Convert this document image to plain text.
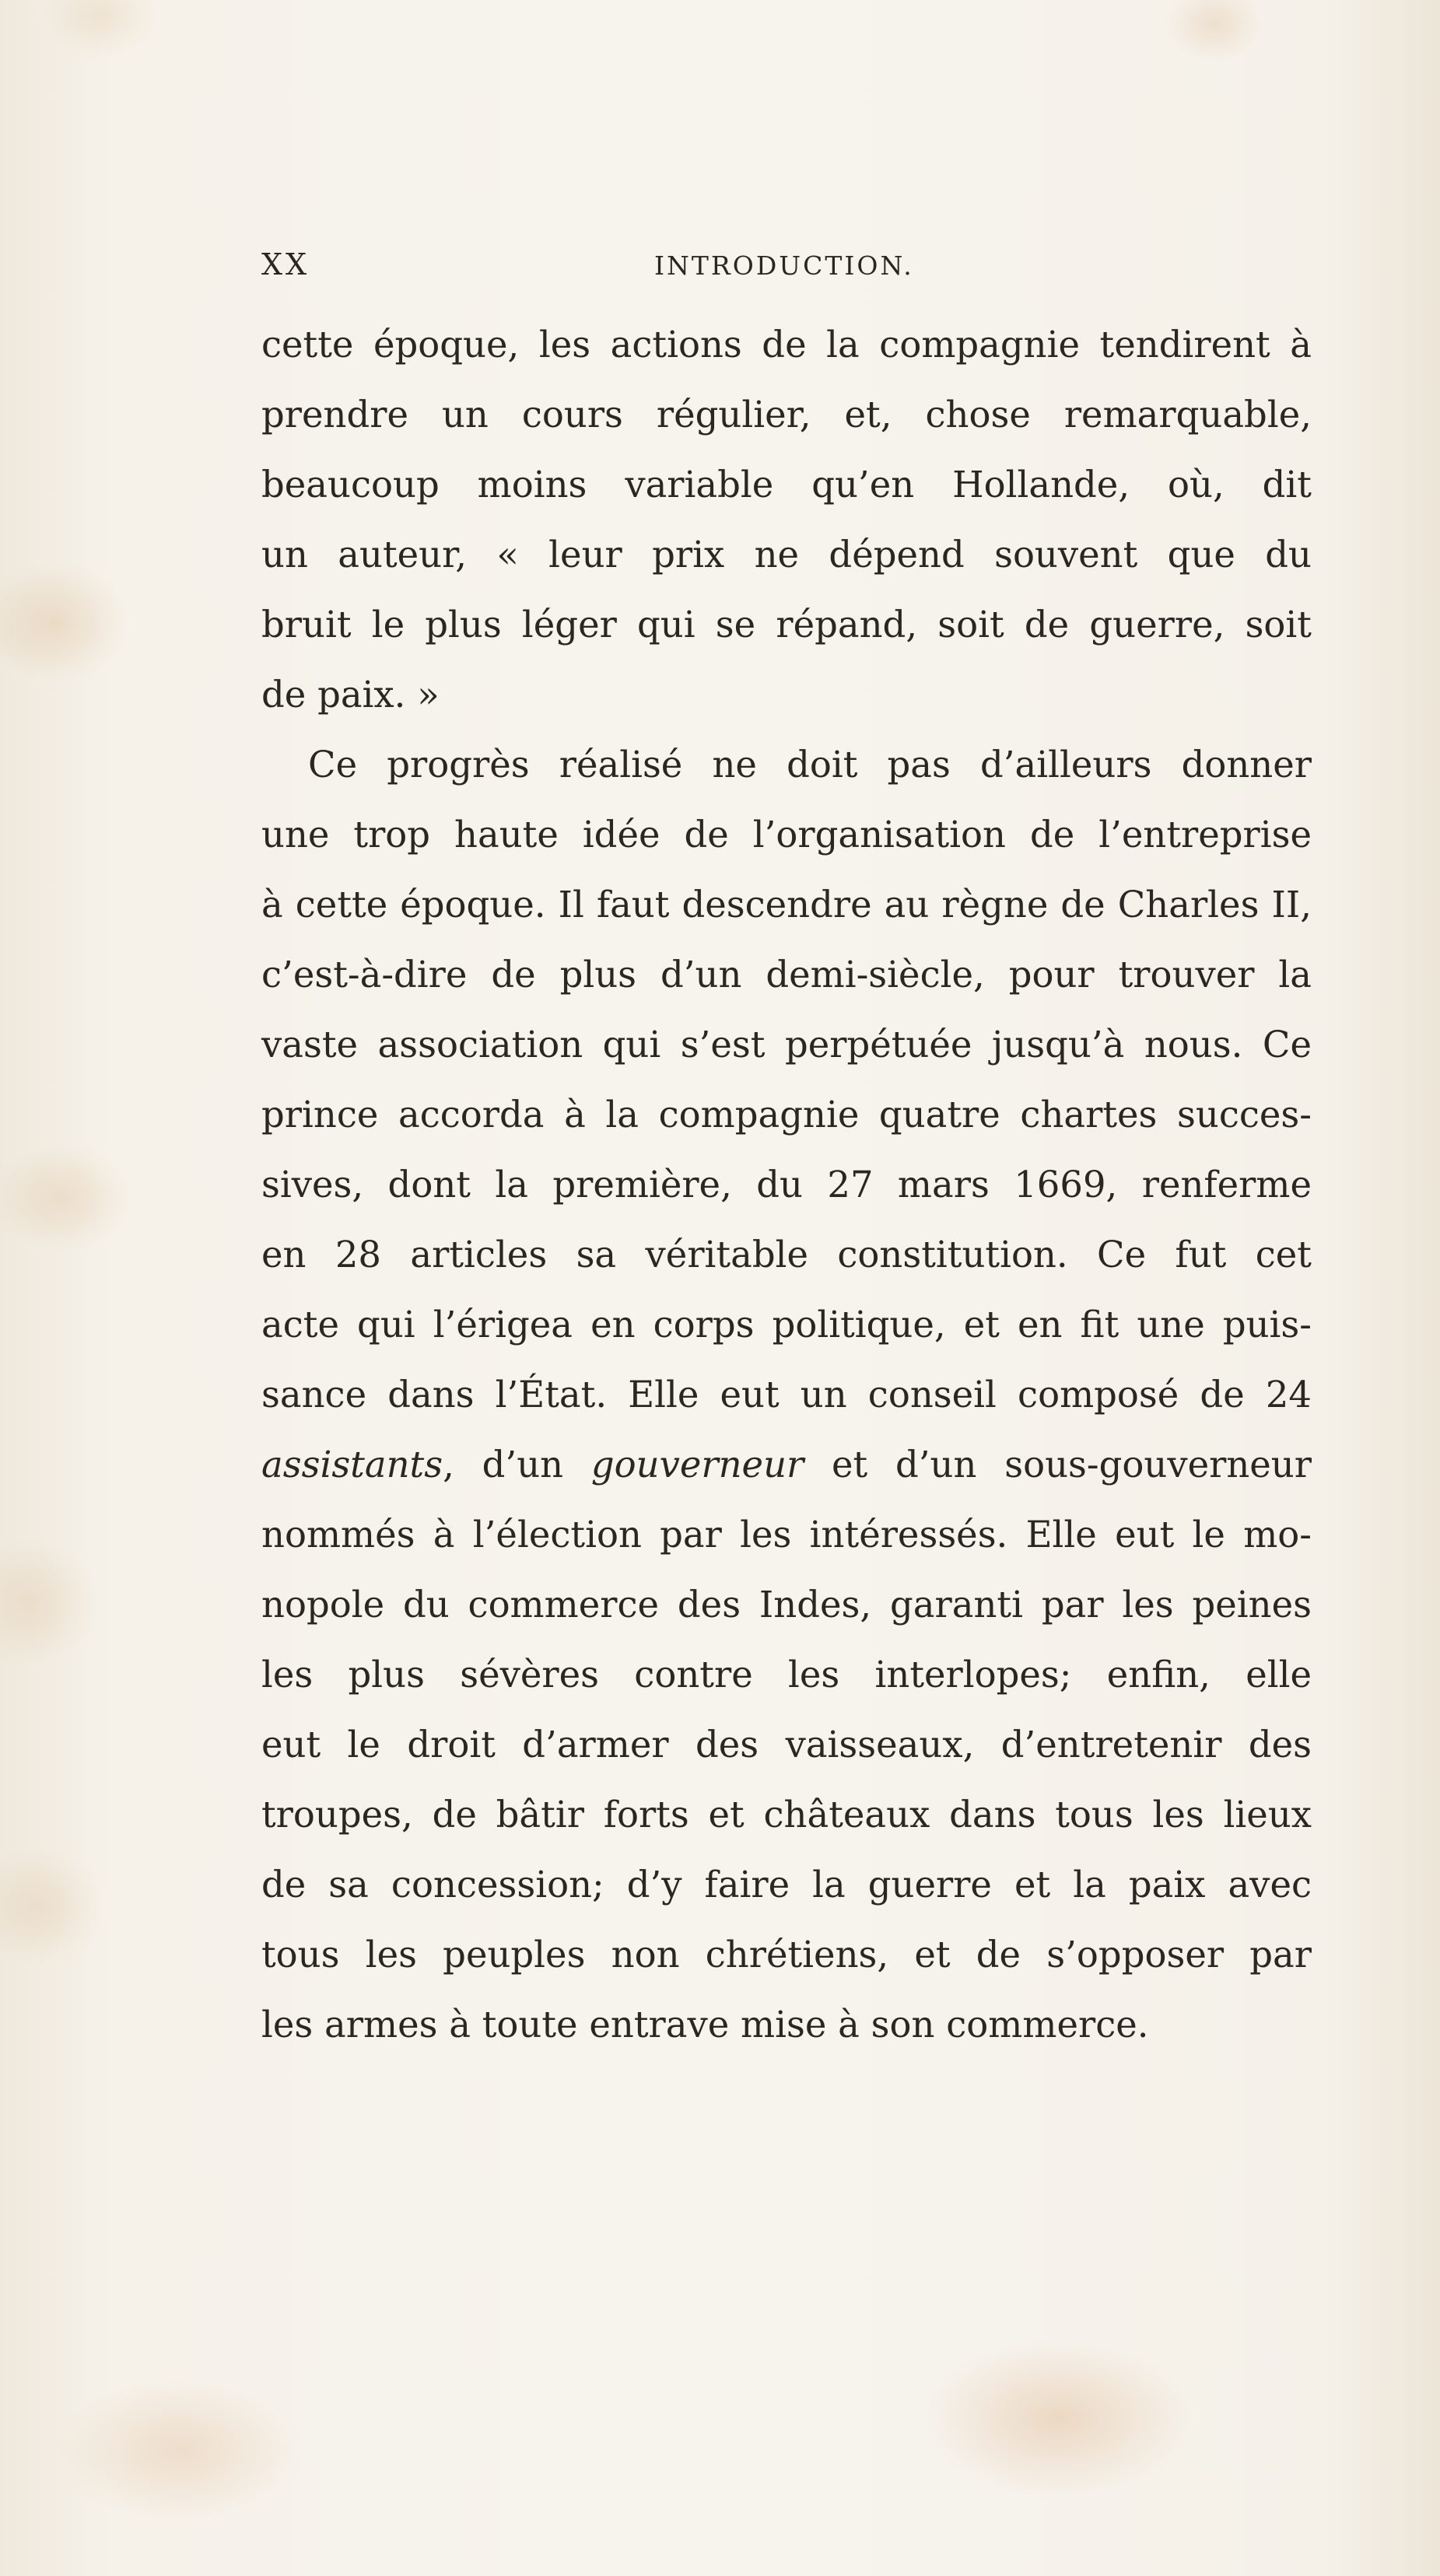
XX	INTRODUCTION.
cette époque, les actions de la compagnie tendirent à
prendre un cours régulier, et, chose remarquable,
beaucoup moins variable qu’en Hollande, où, dit
un auteur, « leur prix ne dépend souvent que du
bruit le plus léger qui se répand, soit de guerre, soit
de paix. »
Ce progrès réalisé ne doit pas d’ailleurs donner
une trop haute idée de l’organisation de l’entreprise
à cette époque. Il faut descendre au règne de Charles II,
c’est-à-dire de plus d’un demi-siècle, pour trouver la
vaste association qui s’est perpétuée jusqu’à nous. Ce
prince accorda à la compagnie quatre chartes succes-
sives, dont la première, du 27 mars 1669, renferme
en 28 articles sa véritable constitution. Ce fut cet
acte qui l’érigea en corps politique, et en fit une puis-
sance dans l’État. Elle eut un conseil composé de 24
assistants, d’un gouverneur et d’un sous-gouverneur
nommés à l’élection par les intéressés. Elle eut le mo-
nopole du commerce des Indes, garanti par les peines
les plus sévères contre les interlopes; enfin, elle
eut le droit d’armer des vaisseaux, d’entretenir des
troupes, de bâtir forts et châteaux dans tous les lieux
de sa concession; d’y faire la guerre et la paix avec
tous les peuples non chrétiens, et de s’opposer par
les armes à toute entrave mise à son commerce.
